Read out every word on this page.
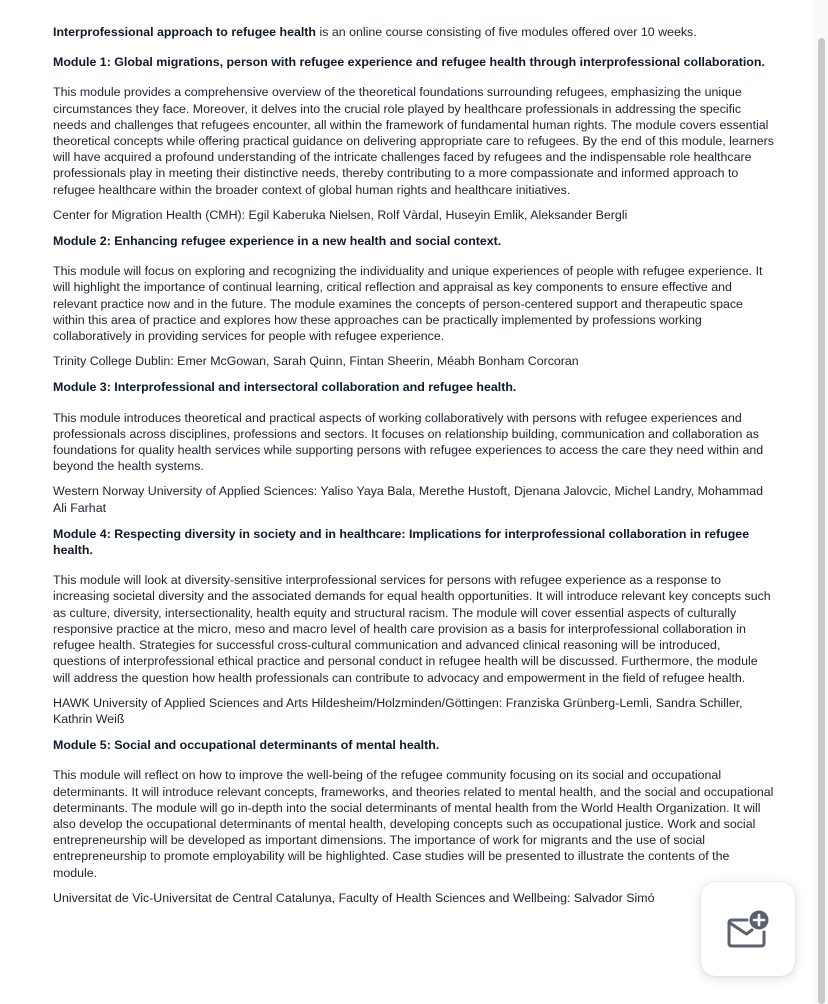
Interprofessional approach to refugee health is an online course consisting of five modules offered over 10 weeks.

Module 1: Global migrations, person with refugee experience and refugee health through interprofessional collaboration.

This module provides a comprehensive overview of the theoretical foundations surrounding refugees, emphasizing the unique circumstances they face. Moreover, it delves into the crucial role played by healthcare professionals in addressing the specific needs and challenges that refugees encounter, all within the framework of fundamental human rights. The module covers essential theoretical concepts while offering practical guidance on delivering appropriate care to refugees. By the end of this module, learners will have acquired a profound understanding of the intricate challenges faced by refugees and the indispensable role healthcare professionals play in meeting their distinctive needs, thereby contributing to a more compassionate and informed approach to refugee healthcare within the broader context of global human rights and healthcare initiatives.

Center for Migration Health (CMH): Egil Kaberuka Nielsen, Rolf Vàrdal, Huseyin Emlik, Aleksander Bergli

Module 2: Enhancing refugee experience in a new health and social context.

This module will focus on exploring and recognizing the individuality and unique experiences of people with refugee experience. It will highlight the importance of continual learning, critical reflection and appraisal as key components to ensure effective and relevant practice now and in the future. The module examines the concepts of person-centered support and therapeutic space within this area of practice and explores how these approaches can be practically implemented by professions working collaboratively in providing services for people with refugee experience.

Trinity College Dublin: Emer McGowan, Sarah Quinn, Fintan Sheerin, Méabh Bonham Corcoran

Module 3: Interprofessional and intersectoral collaboration and refugee health.

This module introduces theoretical and practical aspects of working collaboratively with persons with refugee experiences and professionals across disciplines, professions and sectors. It focuses on relationship building, communication and collaboration as foundations for quality health services while supporting persons with refugee experiences to access the care they need within and beyond the health systems.

Western Norway University of Applied Sciences: Yaliso Yaya Bala, Merethe Hustoft, Djenana Jalovcic, Michel Landry, Mohammad Ali Farhat

Module 4: Respecting diversity in society and in healthcare: Implications for interprofessional collaboration in refugee health.

This module will look at diversity-sensitive interprofessional services for persons with refugee experience as a response to increasing societal diversity and the associated demands for equal health opportunities. It will introduce relevant key concepts such as culture, diversity, intersectionality, health equity and structural racism. The module will cover essential aspects of culturally responsive practice at the micro, meso and macro level of health care provision as a basis for interprofessional collaboration in refugee health. Strategies for successful cross-cultural communication and advanced clinical reasoning will be introduced, questions of interprofessional ethical practice and personal conduct in refugee health will be discussed. Furthermore, the module will address the question how health professionals can contribute to advocacy and empowerment in the field of refugee health.

HAWK University of Applied Sciences and Arts Hildesheim/Holzminden/Göttingen: Franziska Grünberg-Lemli, Sandra Schiller, Kathrin Weiß

Module 5: Social and occupational determinants of mental health.

This module will reflect on how to improve the well-being of the refugee community focusing on its social and occupational determinants. It will introduce relevant concepts, frameworks, and theories related to mental health, and the social and occupational determinants. The module will go in-depth into the social determinants of mental health from the World Health Organization. It will also develop the occupational determinants of mental health, developing concepts such as occupational justice. Work and social entrepreneurship will be developed as important dimensions. The importance of work for migrants and the use of social entrepreneurship to promote employability will be highlighted. Case studies will be presented to illustrate the contents of the module.

Universitat de Vic-Universitat de Central Catalunya, Faculty of Health Sciences and Wellbeing: Salvador Simó
